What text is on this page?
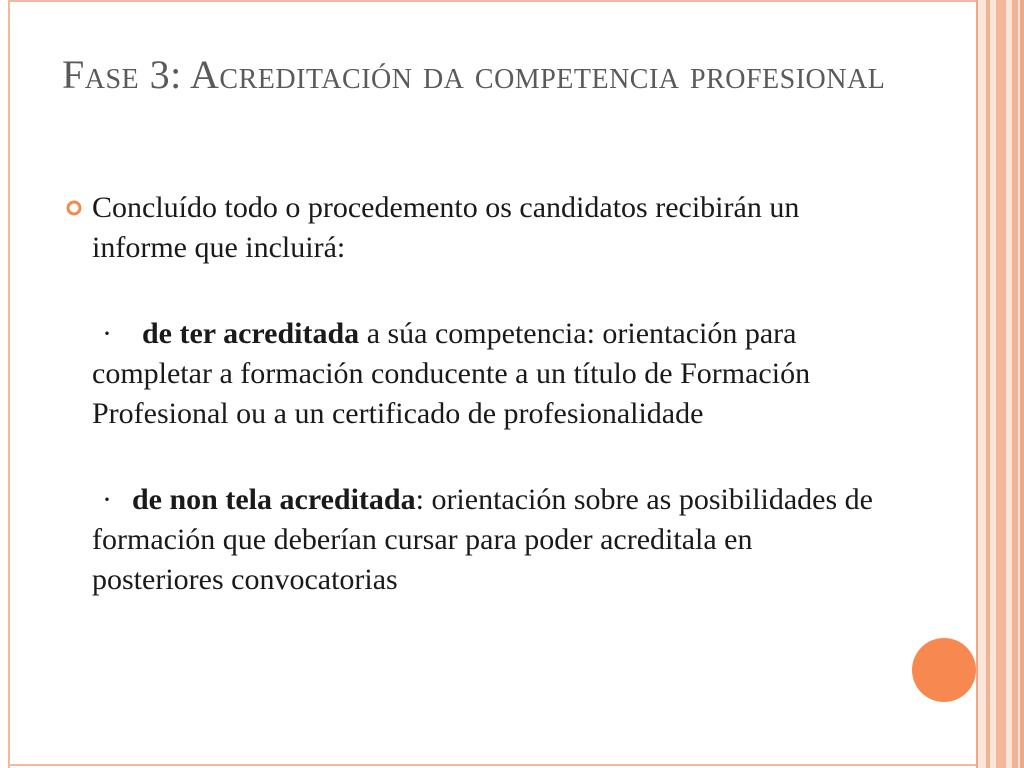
Fase 3: Acreditación da competencia profesional
Concluído todo o procedemento os candidatos recibirán un informe que incluirá:
· de ter acreditada a súa competencia: orientación para completar a formación conducente a un título de Formación Profesional ou a un certificado de profesionalidade
· de non tela acreditada: orientación sobre as posibilidades de formación que deberían cursar para poder acreditala en posteriores convocatorias
